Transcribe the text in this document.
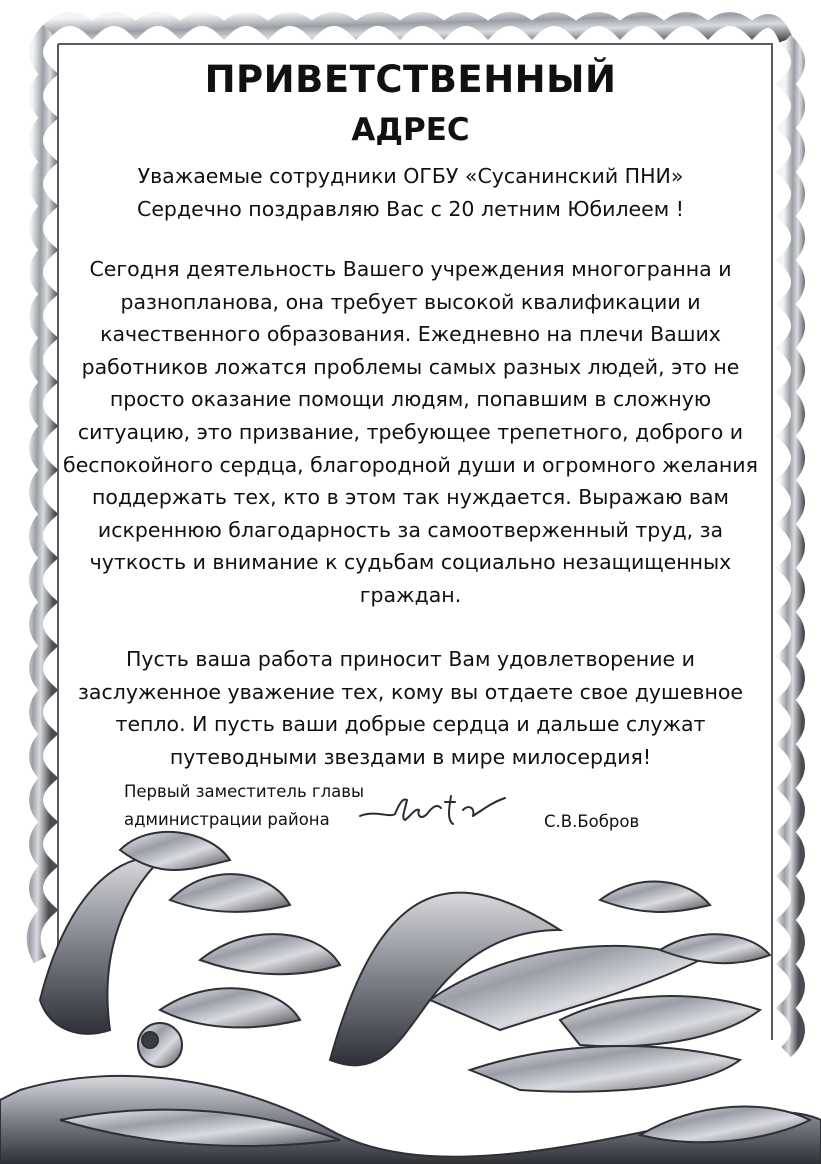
ПРИВЕТСТВЕННЫЙ
АДРЕС

Уважаемые сотрудники ОГБУ «Сусанинский ПНИ»

Сердечно поздравляю Вас с 20 летним Юбилеем !

Сегодня деятельность Вашего учреждения многогранна и разнопланова, она требует высокой квалификации и качественного образования. Ежедневно на плечи Ваших работников ложатся проблемы самых разных людей, это не просто оказание помощи людям, попавшим в сложную ситуацию, это призвание, требующее трепетного, доброго и беспокойного сердца, благородной души и огромного желания поддержать тех, кто в этом так нуждается. Выражаю вам искреннюю благодарность за самоотверженный труд, за чуткость и внимание к судьбам социально незащищенных граждан.

Пусть ваша работа приносит Вам удовлетворение и заслуженное уважение тех, кому вы отдаете свое душевное тепло. И пусть ваши добрые сердца и дальше служат путеводными звездами в мире милосердия!

Первый заместитель главы администрации района	С.В.Бобров
